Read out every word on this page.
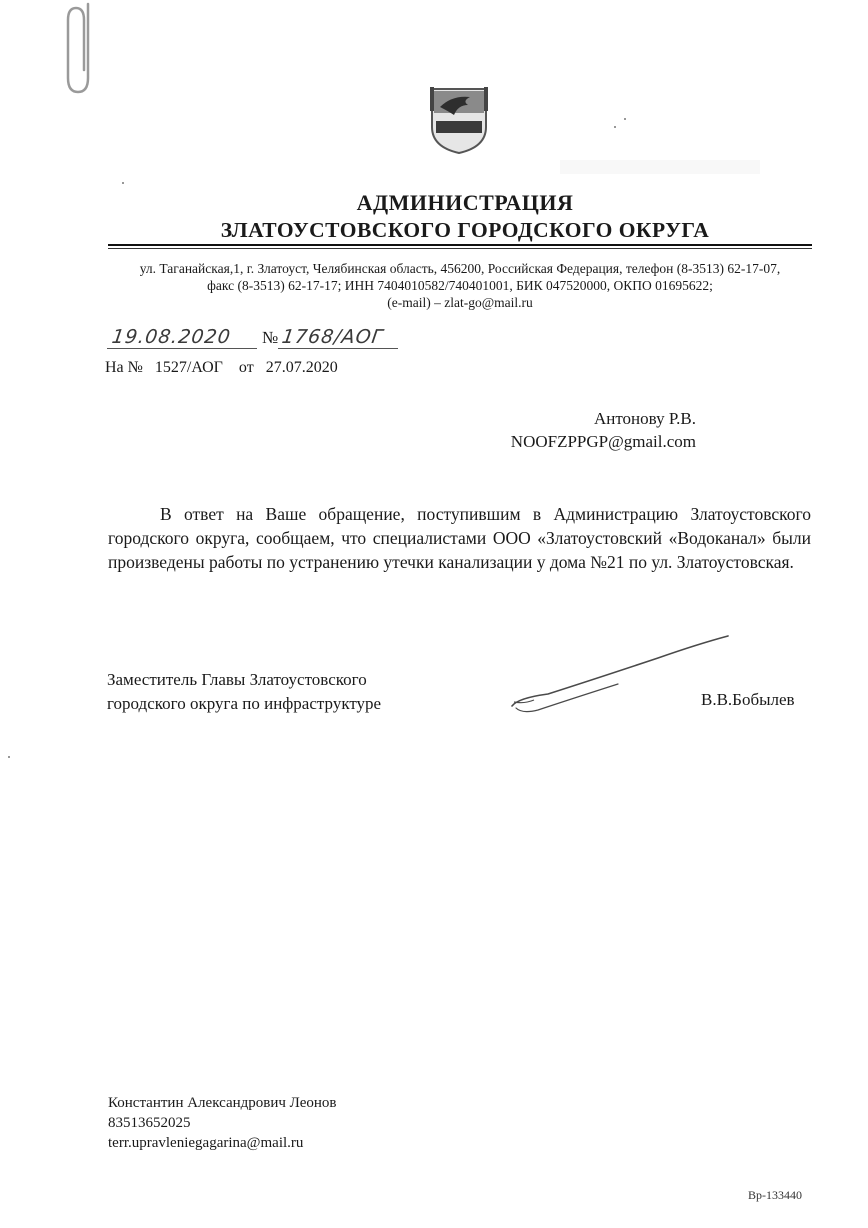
АДМИНИСТРАЦИЯ
ЗЛАТОУСТОВСКОГО ГОРОДСКОГО ОКРУГА
ул. Таганайская,1, г. Златоуст, Челябинская область, 456200, Российская Федерация, телефон (8-3513) 62-17-07,
факс (8-3513) 62-17-17; ИНН 7404010582/740401001, БИК 047520000, ОКПО 01695622;
(e-mail) – zlat-go@mail.ru
19.08.2020 № 1768/АОГ
На №   1527/АОГ    от   27.07.2020
Антонову Р.В.
NOOFZPPGP@gmail.com
В ответ на Ваше обращение, поступившим в Администрацию Златоустовского городского округа, сообщаем, что специалистами ООО «Златоустовский «Водоканал» были произведены работы по устранению утечки канализации у дома №21 по ул. Златоустовская.
Заместитель Главы Златоустовского
городского округа по инфраструктуре	В.В.Бобылев
Константин Александрович Леонов
83513652025
terr.upravleniegagarina@mail.ru
Вр-133440
